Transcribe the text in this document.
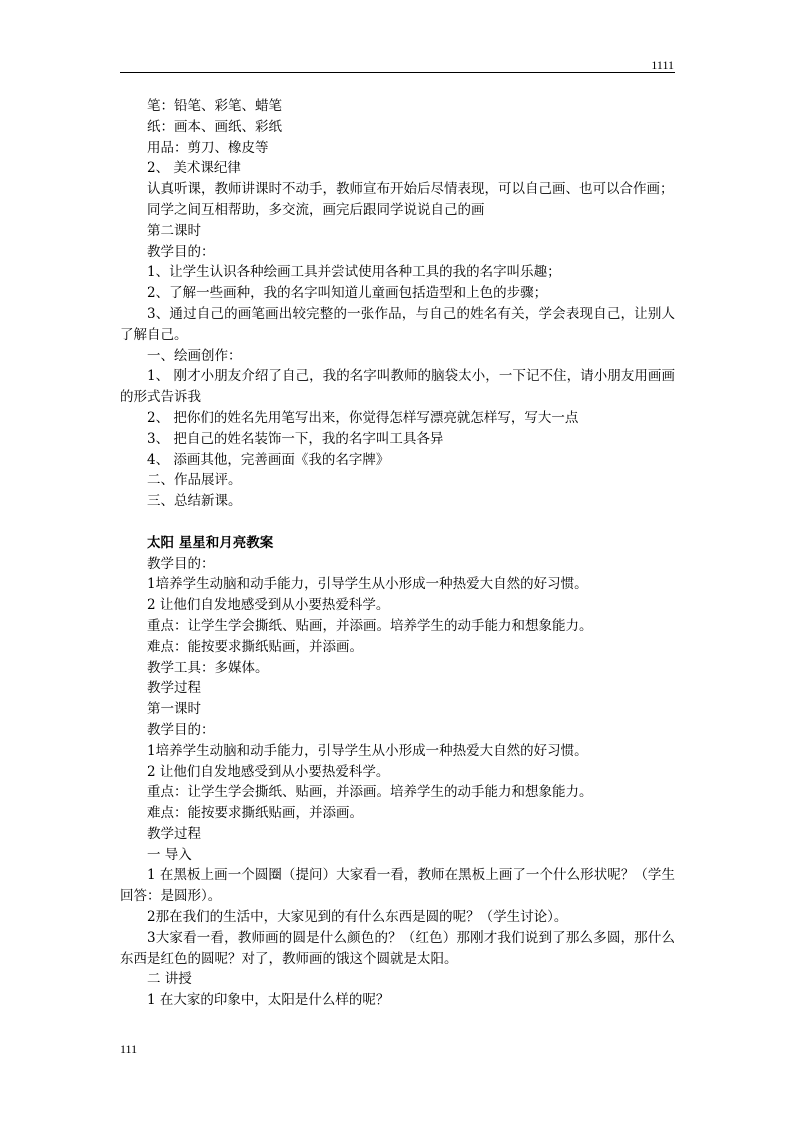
1111
笔：铅笔、彩笔、蜡笔
纸：画本、画纸、彩纸
用品：剪刀、橡皮等
2、 美术课纪律
认真听课，教师讲课时不动手，教师宣布开始后尽情表现，可以自己画、也可以合作画；
同学之间互相帮助，多交流，画完后跟同学说说自己的画
第二课时
教学目的：
1、让学生认识各种绘画工具并尝试使用各种工具的我的名字叫乐趣；
2、了解一些画种，我的名字叫知道儿童画包括造型和上色的步骤；
3、通过自己的画笔画出较完整的一张作品，与自己的姓名有关，学会表现自己，让别人了解自己。
一、绘画创作：
1、 刚才小朋友介绍了自己，我的名字叫教师的脑袋太小，一下记不住，请小朋友用画画的形式告诉我
2、 把你们的姓名先用笔写出来，你觉得怎样写漂亮就怎样写，写大一点
3、 把自己的姓名装饰一下，我的名字叫工具各异
4、 添画其他，完善画面《我的名字牌》
二、作品展评。
三、总结新课。
太阳 星星和月亮教案
教学目的：
1培养学生动脑和动手能力，引导学生从小形成一种热爱大自然的好习惯。
2 让他们自发地感受到从小要热爱科学。
重点：让学生学会撕纸、贴画，并添画。培养学生的动手能力和想象能力。
难点：能按要求撕纸贴画，并添画。
教学工具：多媒体。
教学过程
第一课时
教学目的：
1培养学生动脑和动手能力，引导学生从小形成一种热爱大自然的好习惯。
2 让他们自发地感受到从小要热爱科学。
重点：让学生学会撕纸、贴画，并添画。培养学生的动手能力和想象能力。
难点：能按要求撕纸贴画，并添画。
教学过程
一 导入
1 在黑板上画一个圆圈（提问）大家看一看，教师在黑板上画了一个什么形状呢？（学生回答：是圆形）。
2那在我们的生活中，大家见到的有什么东西是圆的呢？（学生讨论）。
3大家看一看，教师画的圆是什么颜色的？（红色）那刚才我们说到了那么多圆，那什么东西是红色的圆呢？对了，教师画的饿这个圆就是太阳。
二 讲授
1 在大家的印象中，太阳是什么样的呢？
111
